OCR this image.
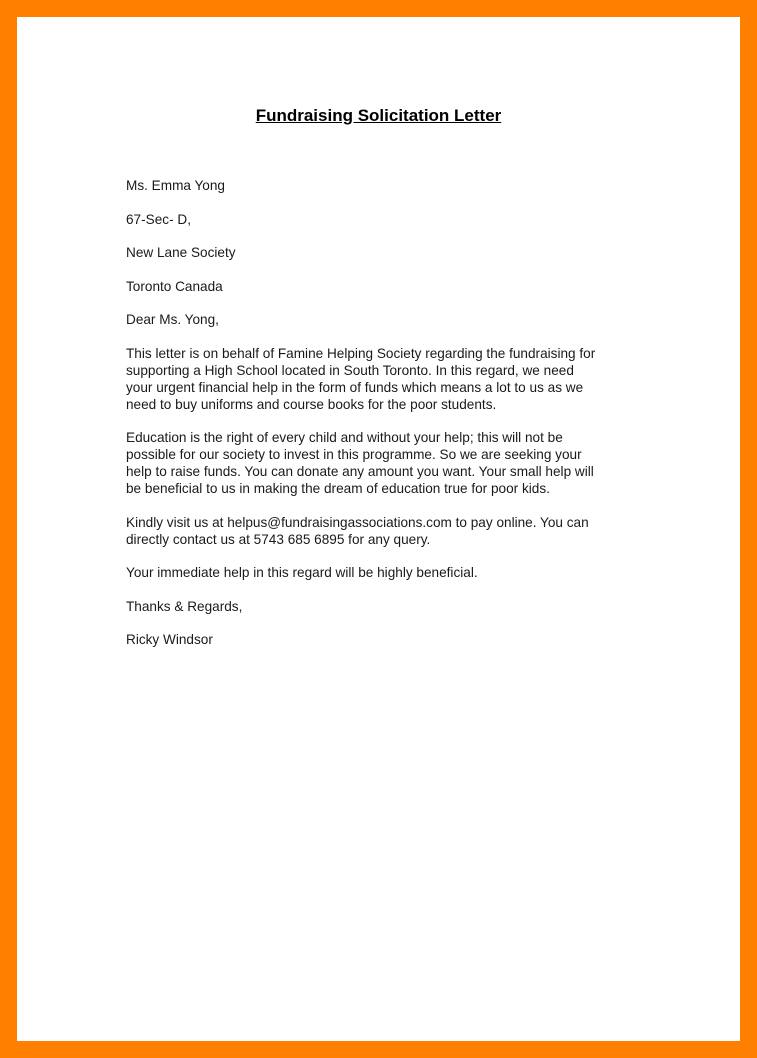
Fundraising Solicitation Letter

Ms. Emma Yong

67-Sec- D,

New Lane Society

Toronto Canada

Dear Ms. Yong,

This letter is on behalf of Famine Helping Society regarding the fundraising for
supporting a High School located in South Toronto. In this regard, we need
your urgent financial help in the form of funds which means a lot to us as we
need to buy uniforms and course books for the poor students.

Education is the right of every child and without your help; this will not be
possible for our society to invest in this programme. So we are seeking your
help to raise funds. You can donate any amount you want. Your small help will
be beneficial to us in making the dream of education true for poor kids.

Kindly visit us at helpus@fundraisingassociations.com to pay online. You can
directly contact us at 5743 685 6895 for any query.

Your immediate help in this regard will be highly beneficial.

Thanks & Regards,

Ricky Windsor
